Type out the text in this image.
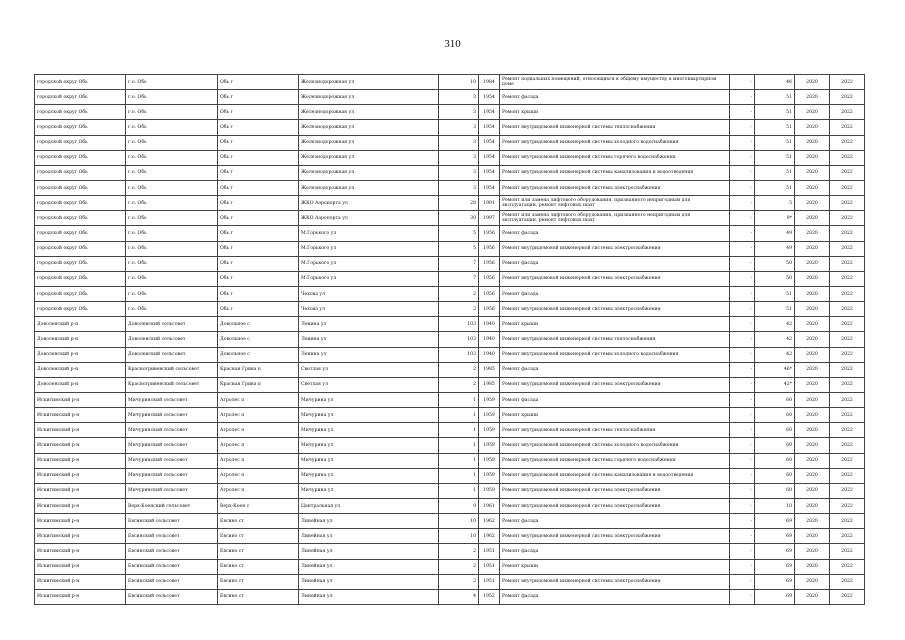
310
городской округ Обь	г.о. Обь	Обь г	Железнодорожная ул	10	1984	Ремонт подвальных помещений, относящихся к общему имуществу в многоквартирном доме	-	46	2020	2022
городской округ Обь	г.о. Обь	Обь г	Железнодорожная ул	3	1954	Ремонт фасада	-	51	2020	2022
городской округ Обь	г.о. Обь	Обь г	Железнодорожная ул	3	1954	Ремонт крыши	-	51	2020	2022
городской округ Обь	г.о. Обь	Обь г	Железнодорожная ул	3	1954	Ремонт внутридомовой инженерной системы теплоснабжения	-	51	2020	2022
городской округ Обь	г.о. Обь	Обь г	Железнодорожная ул	3	1954	Ремонт внутридомовой инженерной системы холодного водоснабжения	-	51	2020	2022
городской округ Обь	г.о. Обь	Обь г	Железнодорожная ул	3	1954	Ремонт внутридомовой инженерной системы горячего водоснабжения	-	51	2020	2022
городской округ Обь	г.о. Обь	Обь г	Железнодорожная ул	3	1954	Ремонт внутридомовой инженерной системы канализования и водоотведения	-	51	2020	2022
городской округ Обь	г.о. Обь	Обь г	Железнодорожная ул	3	1954	Ремонт внутридомовой инженерной системы электроснабжения	-	51	2020	2022
городской округ Обь	г.о. Обь	Обь г	ЖКО Аэропорта ул	28	1991	Ремонт или замена лифтового оборудования, признанного непригодным для эксплуатации, ремонт лифтовых шахт	-	5	2020	2022
городской округ Обь	г.о. Обь	Обь г	ЖКО Аэропорта ул	30	1997	Ремонт или замена лифтового оборудования, признанного непригодным для эксплуатации, ремонт лифтовых шахт	-	9*	2020	2022
городской округ Обь	г.о. Обь	Обь г	М.Горького ул	5	1956	Ремонт фасада	-	49	2020	2022
городской округ Обь	г.о. Обь	Обь г	М.Горького ул	5	1956	Ремонт внутридомовой инженерной системы электроснабжения	-	49	2020	2022
городской округ Обь	г.о. Обь	Обь г	М.Горького ул	7	1956	Ремонт фасада	-	50	2020	2022
городской округ Обь	г.о. Обь	Обь г	М.Горького ул	7	1956	Ремонт внутридомовой инженерной системы электроснабжения	-	50	2020	2022
городской округ Обь	г.о. Обь	Обь г	Чехова ул	2	1956	Ремонт фасада	-	51	2020	2022
городской округ Обь	г.о. Обь	Обь г	Чехова ул	2	1956	Ремонт внутридомовой инженерной системы электроснабжения	-	51	2020	2022
Доволенский р-н	Доволенский сельсовет	Довольное с	Ленина ул	103	1940	Ремонт крыши	-	42	2020	2022
Доволенский р-н	Доволенский сельсовет	Довольное с	Ленина ул	103	1940	Ремонт внутридомовой инженерной системы теплоснабжения	-	42	2020	2022
Доволенский р-н	Доволенский сельсовет	Довольное с	Ленина ул	103	1940	Ремонт внутридомовой инженерной системы холодного водоснабжения	-	42	2020	2022
Доволенский р-н	Красногривенский сельсовет	Красная Грива п	Светлая ул	2	1985	Ремонт фасада	-	46*	2020	2022
Доволенский р-н	Красногривенский сельсовет	Красная Грива п	Светлая ул	2	1985	Ремонт внутридомовой инженерной системы электроснабжения	-	42*	2020	2022
Искитимский р-н	Мичуринский сельсовет	Агролес п	Мичурина ул	1	1959	Ремонт фасада	-	60	2020	2022
Искитимский р-н	Мичуринский сельсовет	Агролес п	Мичурина ул	1	1959	Ремонт крыши	-	60	2020	2022
Искитимский р-н	Мичуринский сельсовет	Агролес п	Мичурина ул	1	1959	Ремонт внутридомовой инженерной системы теплоснабжения	-	60	2020	2022
Искитимский р-н	Мичуринский сельсовет	Агролес п	Мичурина ул	1	1959	Ремонт внутридомовой инженерной системы холодного водоснабжения	-	60	2020	2022
Искитимский р-н	Мичуринский сельсовет	Агролес п	Мичурина ул	1	1959	Ремонт внутридомовой инженерной системы горячего водоснабжения	-	60	2020	2022
Искитимский р-н	Мичуринский сельсовет	Агролес п	Мичурина ул	1	1959	Ремонт внутридомовой инженерной системы канализования и водоотведения	-	60	2020	2022
Искитимский р-н	Мичуринский сельсовет	Агролес п	Мичурина ул	1	1959	Ремонт внутридомовой инженерной системы электроснабжения	-	60	2020	2022
Искитимский р-н	Верх-Коенский сельсовет	Верх-Коен с	Центральная ул	9	1961	Ремонт внутридомовой инженерной системы электроснабжения	-	10	2020	2022
Искитимский р-н	Евсинский сельсовет	Евсино ст	Линейная ул	10	1962	Ремонт фасада	-	69	2020	2022
Искитимский р-н	Евсинский сельсовет	Евсино ст	Линейная ул	10	1962	Ремонт внутридомовой инженерной системы электроснабжения	-	69	2020	2022
Искитимский р-н	Евсинский сельсовет	Евсино ст	Линейная ул	2	1951	Ремонт фасада	-	69	2020	2022
Искитимский р-н	Евсинский сельсовет	Евсино ст	Линейная ул	2	1951	Ремонт крыши	-	69	2020	2022
Искитимский р-н	Евсинский сельсовет	Евсино ст	Линейная ул	2	1951	Ремонт внутридомовой инженерной системы электроснабжения	-	69	2020	2022
Искитимский р-н	Евсинский сельсовет	Евсино ст	Линейная ул	4	1952	Ремонт фасада	-	69	2020	2022
